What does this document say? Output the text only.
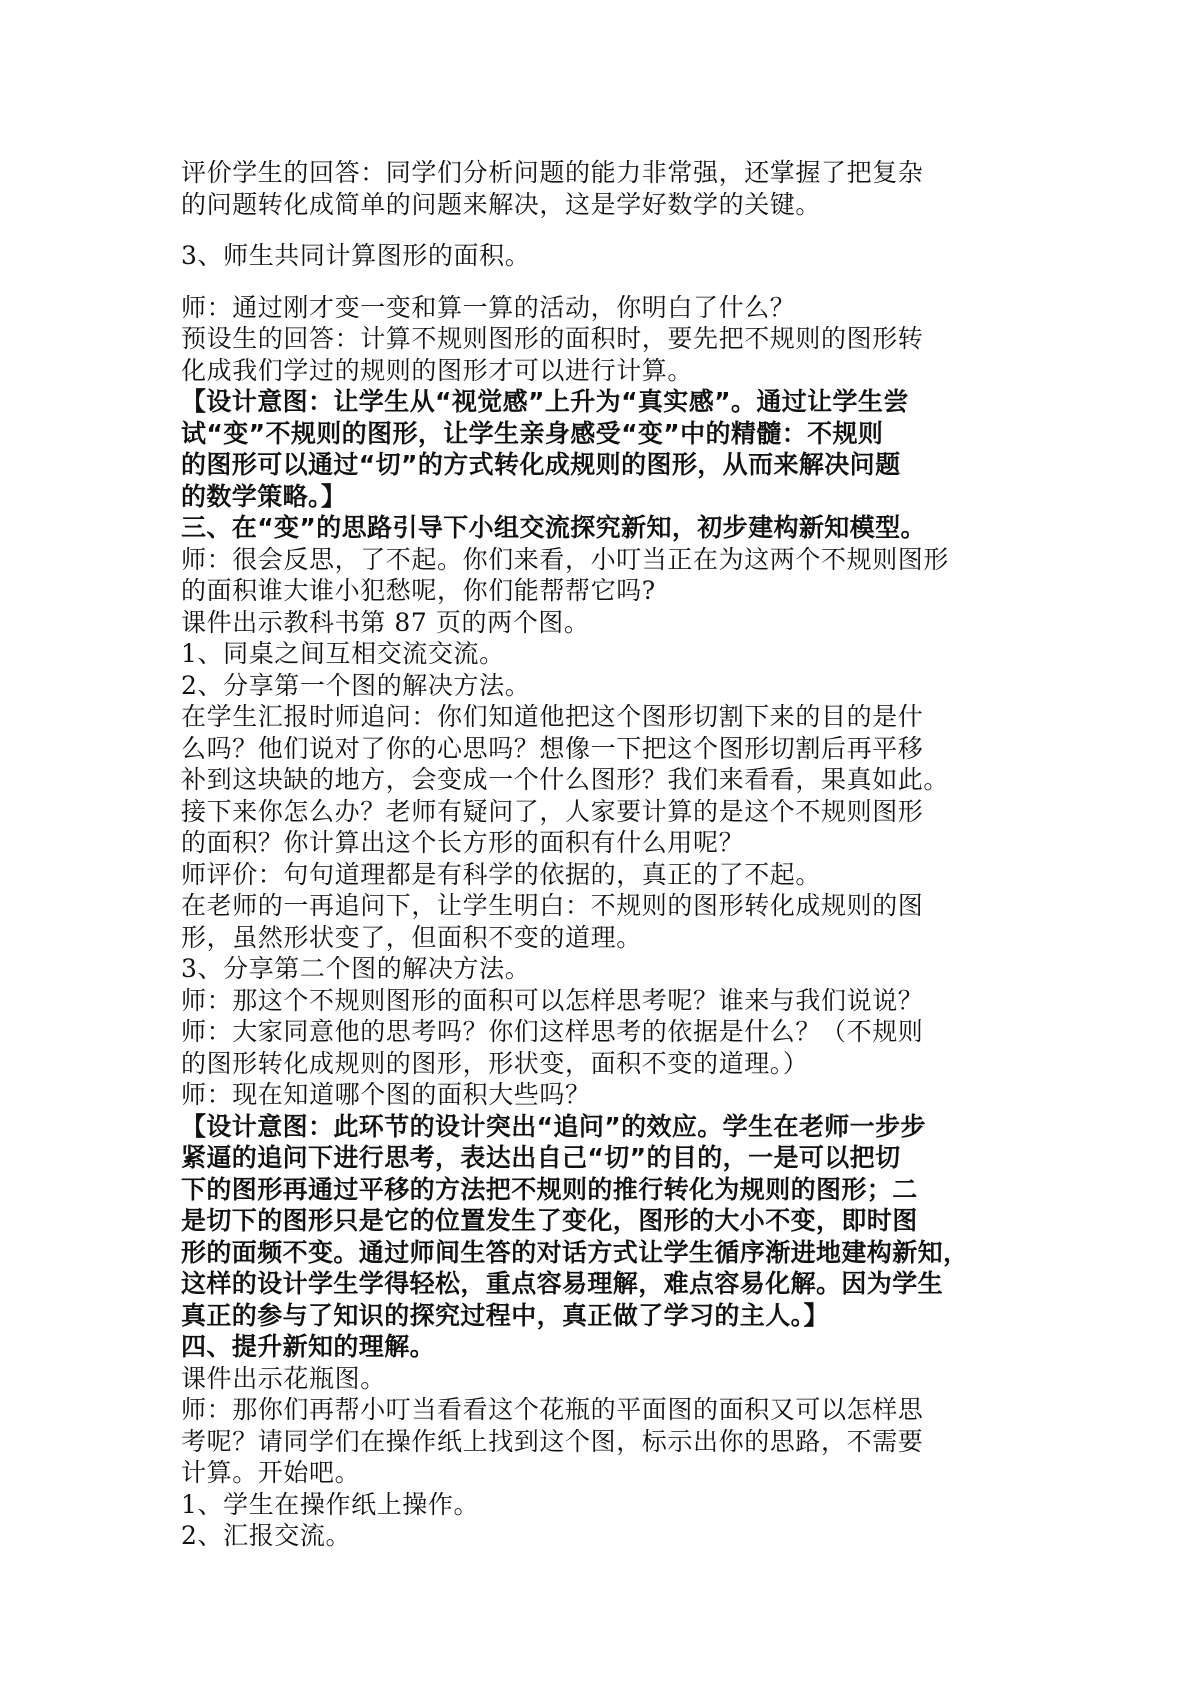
评价学生的回答：同学们分析问题的能力非常强，还掌握了把复杂
的问题转化成简单的问题来解决，这是学好数学的关键。
3、师生共同计算图形的面积。
师：通过刚才变一变和算一算的活动，你明白了什么？
预设生的回答：计算不规则图形的面积时，要先把不规则的图形转
化成我们学过的规则的图形才可以进行计算。
【设计意图：让学生从“视觉感”上升为“真实感”。通过让学生尝
试“变”不规则的图形，让学生亲身感受“变”中的精髓：不规则
的图形可以通过“切”的方式转化成规则的图形，从而来解决问题
的数学策略。】
三、在“变”的思路引导下小组交流探究新知，初步建构新知模型。
师：很会反思，了不起。你们来看，小叮当正在为这两个不规则图形
的面积谁大谁小犯愁呢，你们能帮帮它吗?
课件出示教科书第 87 页的两个图。
1、同桌之间互相交流交流。
2、分享第一个图的解决方法。
在学生汇报时师追问：你们知道他把这个图形切割下来的目的是什
么吗？他们说对了你的心思吗？想像一下把这个图形切割后再平移
补到这块缺的地方，会变成一个什么图形？我们来看看，果真如此。
接下来你怎么办？老师有疑问了，人家要计算的是这个不规则图形
的面积？你计算出这个长方形的面积有什么用呢？
师评价：句句道理都是有科学的依据的，真正的了不起。
在老师的一再追问下，让学生明白：不规则的图形转化成规则的图
形，虽然形状变了，但面积不变的道理。
3、分享第二个图的解决方法。
师：那这个不规则图形的面积可以怎样思考呢？谁来与我们说说？
师：大家同意他的思考吗？你们这样思考的依据是什么？（不规则
的图形转化成规则的图形，形状变，面积不变的道理。）
师：现在知道哪个图的面积大些吗？
【设计意图：此环节的设计突出“追问”的效应。学生在老师一步步
紧逼的追问下进行思考，表达出自己“切”的目的，一是可以把切
下的图形再通过平移的方法把不规则的推行转化为规则的图形；二
是切下的图形只是它的位置发生了变化，图形的大小不变，即时图
形的面频不变。通过师间生答的对话方式让学生循序渐进地建构新知，
这样的设计学生学得轻松，重点容易理解，难点容易化解。因为学生
真正的参与了知识的探究过程中，真正做了学习的主人。】
四、提升新知的理解。
课件出示花瓶图。
师：那你们再帮小叮当看看这个花瓶的平面图的面积又可以怎样思
考呢？请同学们在操作纸上找到这个图，标示出你的思路，不需要
计算。开始吧。
1、学生在操作纸上操作。
2、汇报交流。
